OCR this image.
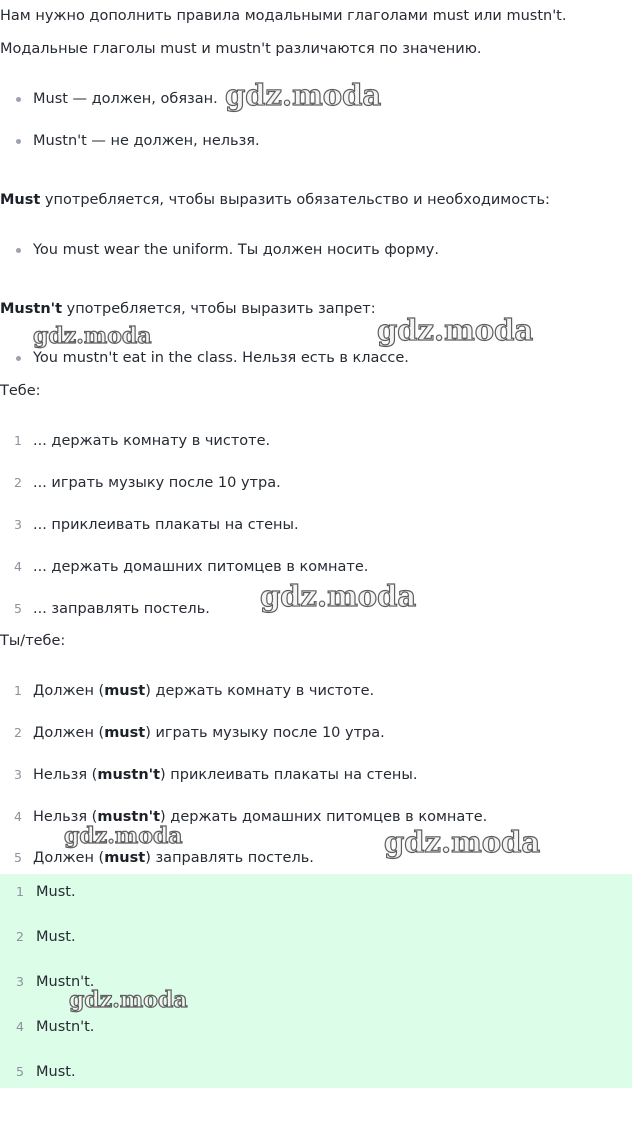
Нам нужно дополнить правила модальными глаголами must или mustn't.
Модальные глаголы must и mustn't различаются по значению.
Must — должен, обязан.
Mustn't — не должен, нельзя.
Must употребляется, чтобы выразить обязательство и необходимость:
You must wear the uniform. Ты должен носить форму.
Mustn't употребляется, чтобы выразить запрет:
You mustn't eat in the class. Нельзя есть в классе.
Тебе:
1 ... держать комнату в чистоте.
2 ... играть музыку после 10 утра.
3 ... приклеивать плакаты на стены.
4 ... держать домашних питомцев в комнате.
5 ... заправлять постель.
Ты/тебе:
1 Должен (must) держать комнату в чистоте.
2 Должен (must) играть музыку после 10 утра.
3 Нельзя (mustn't) приклеивать плакаты на стены.
4 Нельзя (mustn't) держать домашних питомцев в комнате.
5 Должен (must) заправлять постель.
1 Must.
2 Must.
3 Mustn't.
4 Mustn't.
5 Must.
gdz.moda
gdz.moda	gdz.moda
gdz.moda
gdz.moda	gdz.moda
gdz.moda
